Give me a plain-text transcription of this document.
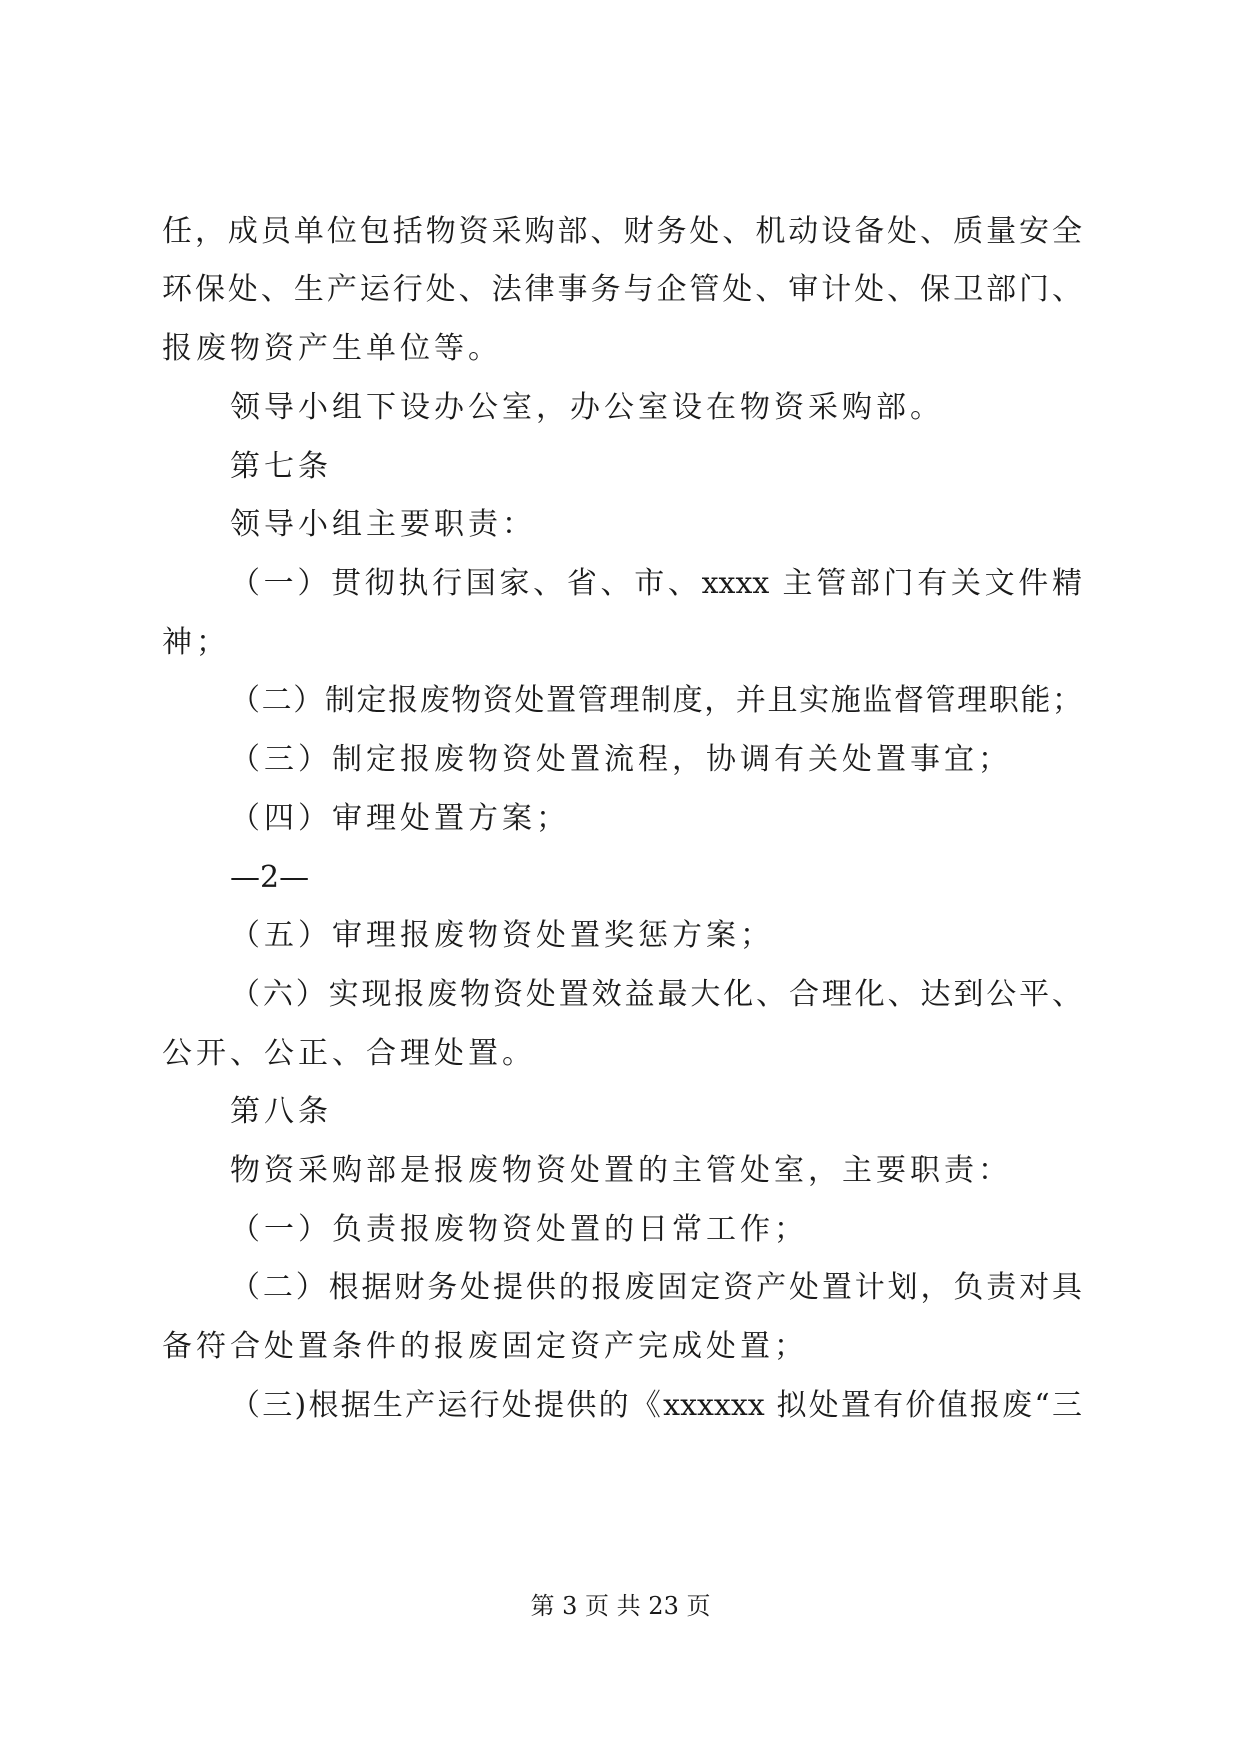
任，成员单位包括物资采购部、财务处、机动设备处、质量安全
环保处、生产运行处、法律事务与企管处、审计处、保卫部门、
报废物资产生单位等。
领导小组下设办公室，办公室设在物资采购部。
第七条
领导小组主要职责：
（一）贯彻执行国家、省、市、xxxx 主管部门有关文件精
神；
（二）制定报废物资处置管理制度，并且实施监督管理职能；
（三）制定报废物资处置流程，协调有关处置事宜；
（四）审理处置方案；
—2—
（五）审理报废物资处置奖惩方案；
（六）实现报废物资处置效益最大化、合理化、达到公平、
公开、公正、合理处置。
第八条
物资采购部是报废物资处置的主管处室，主要职责：
（一）负责报废物资处置的日常工作；
（二）根据财务处提供的报废固定资产处置计划，负责对具
备符合处置条件的报废固定资产完成处置；
（三)根据生产运行处提供的《xxxxxx 拟处置有价值报废“三
第 3 页 共 23 页
